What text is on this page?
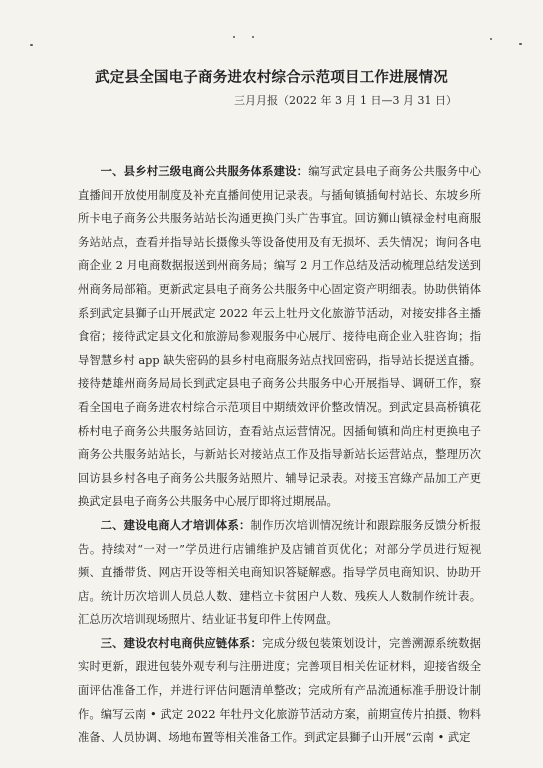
武定县全国电子商务进农村综合示范项目工作进展情况
三月月报（2022 年 3 月 1 日—3 月 31 日）

一、县乡村三级电商公共服务体系建设：编写武定县电子商务公共服务中心直播间开放使用制度及补充直播间使用记录表。与插甸镇插甸村站长、东坡乡所所卡电子商务公共服务站站长沟通更换门头广告事宜。回访狮山镇禄金村电商服务站站点，查看并指导站长摄像头等设备使用及有无损坏、丢失情况；询问各电商企业 2 月电商数据报送到州商务局；编写 2 月工作总结及活动梳理总结发送到州商务局部箱。更新武定县电子商务公共服务中心固定资产明细表。协助供销体系到武定县獅子山开展武定 2022 年云上牡丹文化旅游节活动，对接安排各主播食宿；接待武定县文化和旅游局参观服务中心展厅、接待电商企业入驻咨询；指导智慧乡村 app 缺失密码的县乡村电商服务站点找回密码，指导站长提送直播。接待楚雄州商务局局长到武定县电子商务公共服务中心开展指导、调研工作，察看全国电子商务进农村综合示范项目中期绩效评价整改情况。到武定县高桥镇花桥村电子商务公共服务站回访，查看站点运营情况。因插甸镇和尚庄村更换电子商务公共服务站站长，与新站长对接站点工作及指导新站长运营站点，整理历次回访县乡村各电子商务公共服务站照片、辅导记录表。对接玉宫綠产品加工产更换武定县电子商务公共服务中心展厅即将过期展品。

二、建设电商人才培训体系：制作历次培训情况统计和跟踪服务反馈分析报告。持续对“一对一”学员进行店铺维护及店铺首页优化；对部分学员进行短视频、直播带货、网店开设等相关电商知识答疑解惑。指导学员电商知识、协助开店。统计历次培训人员总人数、建档立卡贫困户人数、残疾人人数制作统计表。汇总历次培训现场照片、结业证书复印件上传网盘。

三、建设农村电商供应链体系：完成分级包装策划设计，完善溯源系统数据实时更新，跟进包装外观专利与注册进度；完善项目相关佐证材料，迎接省级全面评估准备工作，并进行评估问题清单整改；完成所有产品流通标准手册设计制作。编写云南 • 武定 2022 年牡丹文化旅游节活动方案，前期宣传片拍摄、物料准备、人员协调、场地布置等相关准备工作。到武定县獅子山开展“云南 • 武定
